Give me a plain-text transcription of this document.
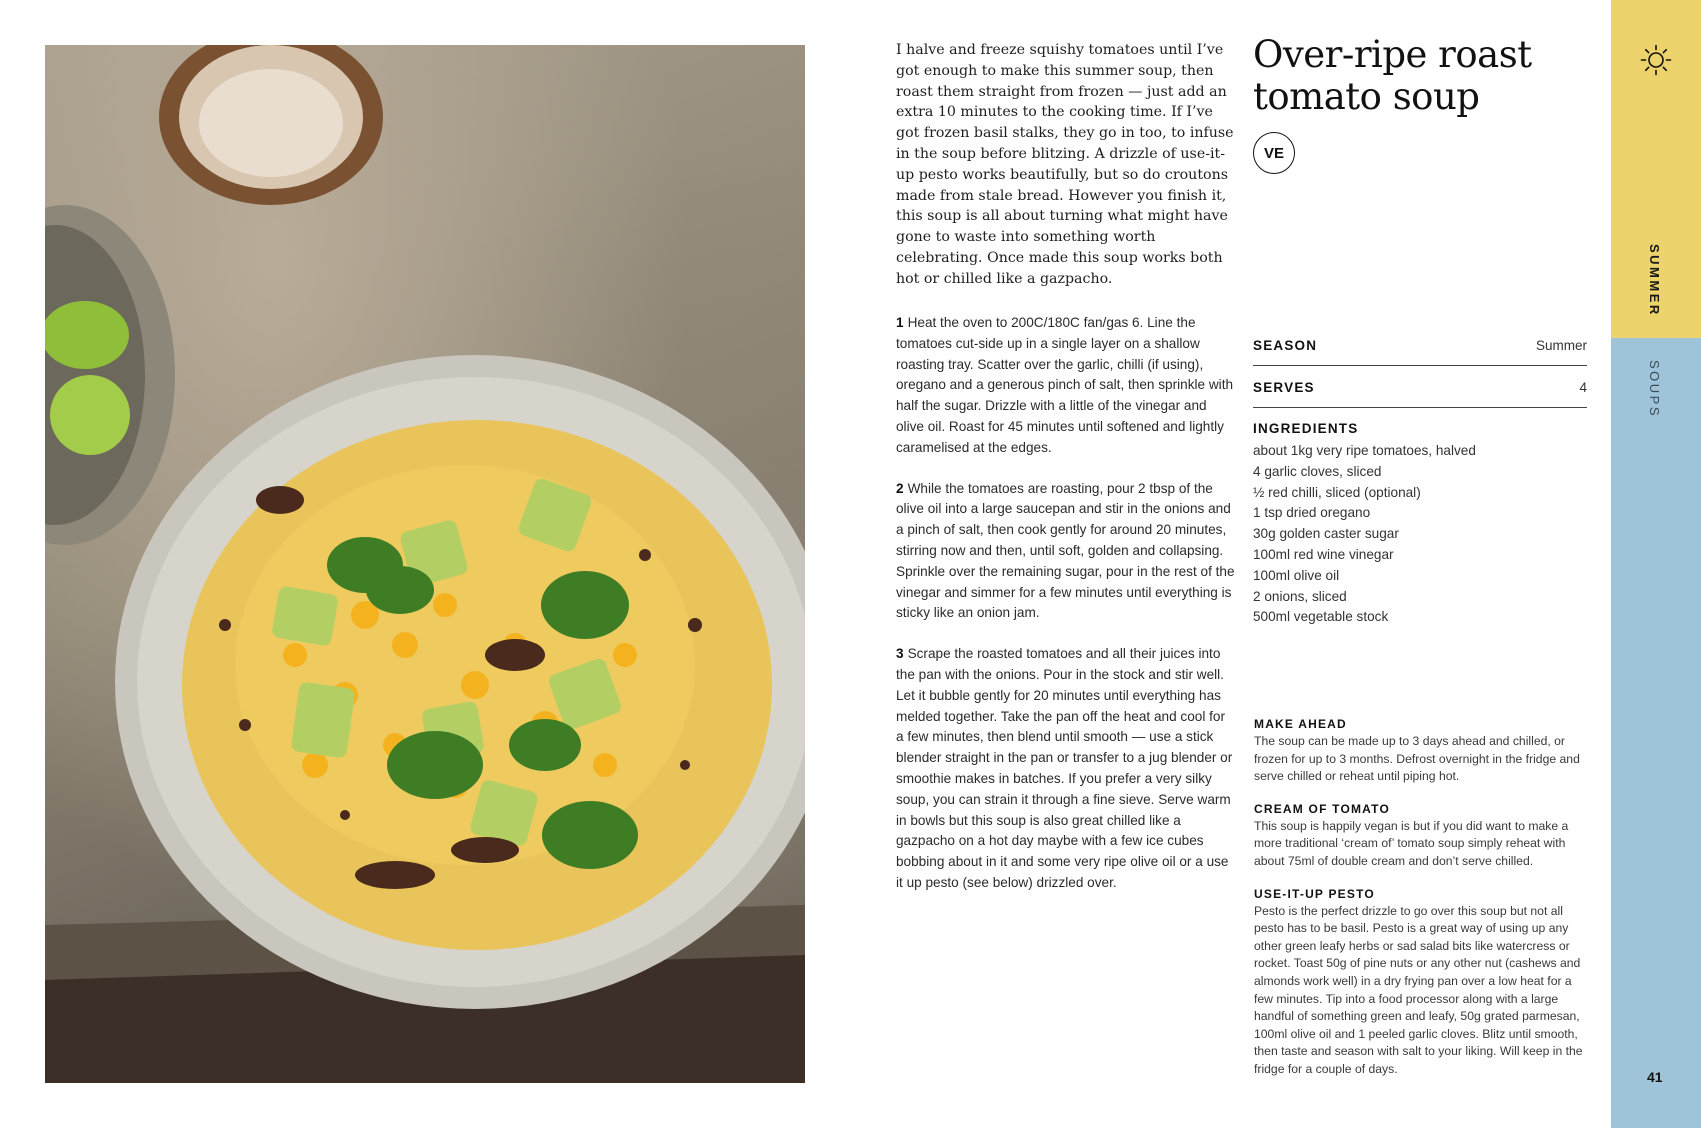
I halve and freeze squishy tomatoes until I’ve got enough to make this summer soup, then roast them straight from frozen — just add an extra 10 minutes to the cooking time. If I’ve got frozen basil stalks, they go in too, to infuse in the soup before blitzing. A drizzle of use-it-up pesto works beautifully, but so do croutons made from stale bread. However you finish it, this soup is all about turning what might have gone to waste into something worth celebrating. Once made this soup works both hot or chilled like a gazpacho.

1 Heat the oven to 200C/180C fan/gas 6. Line the tomatoes cut-side up in a single layer on a shallow roasting tray. Scatter over the garlic, chilli (if using), oregano and a generous pinch of salt, then sprinkle with half the sugar. Drizzle with a little of the vinegar and olive oil. Roast for 45 minutes until softened and lightly caramelised at the edges.

2 While the tomatoes are roasting, pour 2 tbsp of the olive oil into a large saucepan and stir in the onions and a pinch of salt, then cook gently for around 20 minutes, stirring now and then, until soft, golden and collapsing. Sprinkle over the remaining sugar, pour in the rest of the vinegar and simmer for a few minutes until everything is sticky like an onion jam.

3 Scrape the roasted tomatoes and all their juices into the pan with the onions. Pour in the stock and stir well. Let it bubble gently for 20 minutes until everything has melded together. Take the pan off the heat and cool for a few minutes, then blend until smooth — use a stick blender straight in the pan or transfer to a jug blender or smoothie makes in batches. If you prefer a very silky soup, you can strain it through a fine sieve. Serve warm in bowls but this soup is also great chilled like a gazpacho on a hot day maybe with a few ice cubes bobbing about in it and some very ripe olive oil or a use it up pesto (see below) drizzled over.

Over-ripe roast tomato soup
VE
SEASON	Summer
SERVES	4
INGREDIENTS
about 1kg very ripe tomatoes, halved
4 garlic cloves, sliced
½ red chilli, sliced (optional)
1 tsp dried oregano
30g golden caster sugar
100ml red wine vinegar
100ml olive oil
2 onions, sliced
500ml vegetable stock

MAKE AHEAD

The soup can be made up to 3 days ahead and chilled, or frozen for up to 3 months. Defrost overnight in the fridge and serve chilled or reheat until piping hot.

CREAM OF TOMATO

This soup is happily vegan is but if you did want to make a more traditional ‘cream of’ tomato soup simply reheat with about 75ml of double cream and don’t serve chilled.

USE-IT-UP PESTO

Pesto is the perfect drizzle to go over this soup but not all pesto has to be basil. Pesto is a great way of using up any other green leafy herbs or sad salad bits like watercress or rocket. Toast 50g of pine nuts or any other nut (cashews and almonds work well) in a dry frying pan over a low heat for a few minutes. Tip into a food processor along with a large handful of something green and leafy, 50g grated parmesan, 100ml olive oil and 1 peeled garlic cloves. Blitz until smooth, then taste and season with salt to your liking. Will keep in the fridge for a couple of days.

SUMMER
SOUPS
41
